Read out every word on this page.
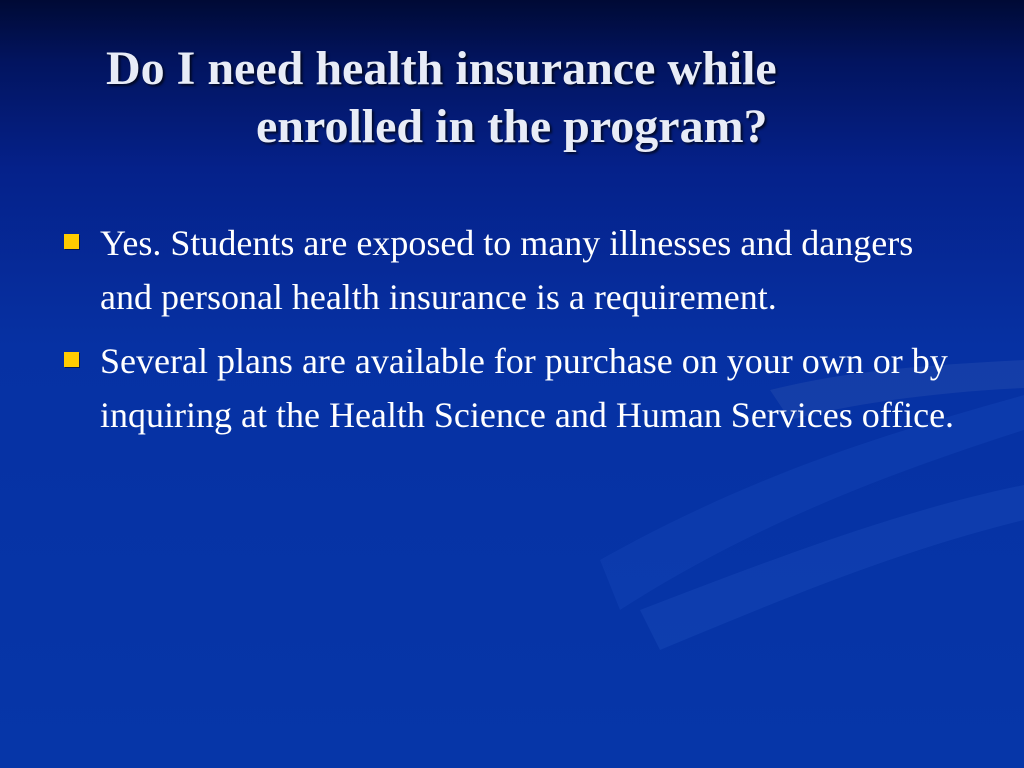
Do I need health insurance while
enrolled in the program?
Yes. Students are exposed to many illnesses and dangers and personal health insurance is a requirement.
Several plans are available for purchase on your own or by inquiring at the Health Science and Human Services office.
